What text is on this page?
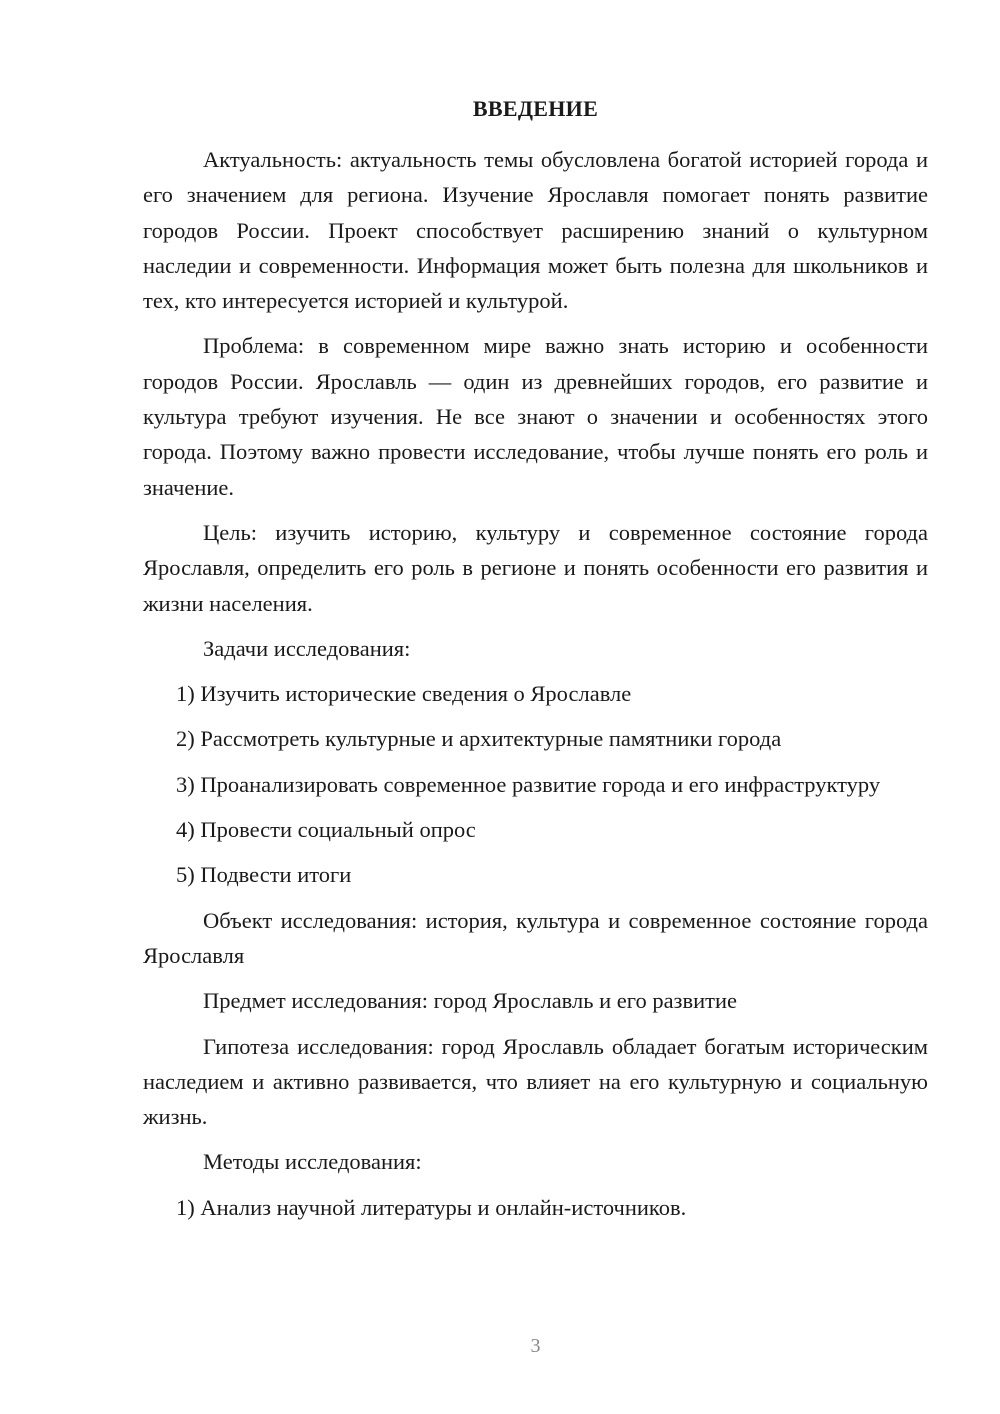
ВВЕДЕНИЕ

Актуальность: актуальность темы обусловлена богатой историей города и его значением для региона. Изучение Ярославля помогает понять развитие городов России. Проект способствует расширению знаний о культурном наследии и современности. Информация может быть полезна для школьников и тех, кто интересуется историей и культурой.

Проблема: в современном мире важно знать историю и особенности городов России. Ярославль — один из древнейших городов, его развитие и культура требуют изучения. Не все знают о значении и особенностях этого города. Поэтому важно провести исследование, чтобы лучше понять его роль и значение.

Цель: изучить историю, культуру и современное состояние города Ярославля, определить его роль в регионе и понять особенности его развития и жизни населения.

Задачи исследования:

1) Изучить исторические сведения о Ярославле

2) Рассмотреть культурные и архитектурные памятники города

3) Проанализировать современное развитие города и его инфраструктуру

4) Провести социальный опрос

5) Подвести итоги

Объект исследования: история, культура и современное состояние города Ярославля

Предмет исследования: город Ярославль и его развитие

Гипотеза исследования: город Ярославль обладает богатым историческим наследием и активно развивается, что влияет на его культурную и социальную жизнь.

Методы исследования:

1) Анализ научной литературы и онлайн-источников.

3
